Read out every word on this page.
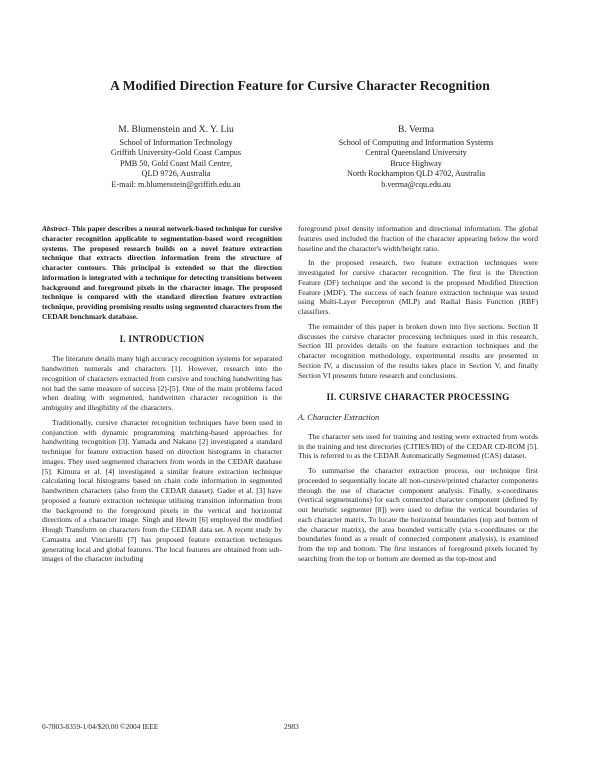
A Modified Direction Feature for Cursive Character Recognition
M. Blumenstein and X. Y. Liu
School of Information Technology
Griffith University-Gold Coast Campus
PMB 50, Gold Coast Mail Centre,
QLD 9726, Australia
E-mail: m.blumenstein@griffith.edu.au
B. Verma
School of Computing and Information Systems
Central Queensland University
Bruce Highway
North Rockhampton QLD 4702, Australia
b.verma@cqu.edu.au

Abstract- This paper describes a neural network-based technique for cursive character recognition applicable to segmentation-based word recognition systems. The proposed research builds on a novel feature extraction technique that extracts direction information from the structure of character contours. This principal is extended so that the direction information is integrated with a technique for detecting transitions between background and foreground pixels in the character image. The proposed technique is compared with the standard direction feature extraction technique, providing promising results using segmented characters from the CEDAR benchmark database.

I. INTRODUCTION

The literature details many high accuracy recognition systems for separated handwritten numerals and characters [1]. However, research into the recognition of characters extracted from cursive and touching handwriting has not had the same measure of success [2]-[5]. One of the main problems faced when dealing with segmented, handwritten character recognition is the ambiguity and illegibility of the characters.

Traditionally, cursive character recognition techniques have been used in conjunction with dynamic programming matching-based approaches for handwriting recognition [3]. Yamada and Nakano [2] investigated a standard technique for feature extraction based on direction histograms in character images. They used segmented characters from words in the CEDAR database [5]. Kimura et al. [4] investigated a similar feature extraction technique calculating local histograms based on chain code information in segmented handwritten characters (also from the CEDAR dataset). Gader et al. [3] have proposed a feature extraction technique utilising transition information from the background to the foreground pixels in the vertical and horizontal directions of a character image. Singh and Hewitt [6] employed the modified Hough Transform on characters from the CEDAR data set. A recent study by Camastra and Vinciarelli [7] has proposed feature extraction techniques generating local and global features. The local features are obtained from sub-images of the character including

foreground pixel density information and directional information. The global features used included the fraction of the character appearing below the word baseline and the character's width/height ratio.

In the proposed research, two feature extraction techniques were investigated for cursive character recognition. The first is the Direction Feature (DF) technique and the second is the proposed Modified Direction Feature (MDF). The success of each feature extraction technique was tested using Multi-Layer Perceptron (MLP) and Radial Basis Function (RBF) classifiers.

The remainder of this paper is broken down into five sections. Section II discusses the cursive character processing techniques used in this research, Section III provides details on the feature extraction techniques and the character recognition methodology, experimental results are presented in Section IV, a discussion of the results takes place in Section V, and finally Section VI presents future research and conclusions.

II. CURSIVE CHARACTER PROCESSING
A. Character Extraction

The character sets used for training and testing were extracted from words in the training and test directories (CITIES/BD) of the CEDAR CD-ROM [5]. This is referred to as the CEDAR Automatically Segmented (CAS) dataset.

To summarise the character extraction process, our technique first proceeded to sequentially locate all non-cursive/printed character components through the use of character component analysis. Finally, x-coordinates (vertical segmentations) for each connected character component (defined by our heuristic segmenter [8]) were used to define the vertical boundaries of each character matrix. To locate the horizontal boundaries (top and bottom of the character matrix), the area bounded vertically (via x-coordinates or the boundaries found as a result of connected component analysis), is examined from the top and bottom. The first instances of foreground pixels located by searching from the top or bottom are deemed as the top-most and

0-7803-8359-1/04/$20.00 ©2004 IEEE	2983
